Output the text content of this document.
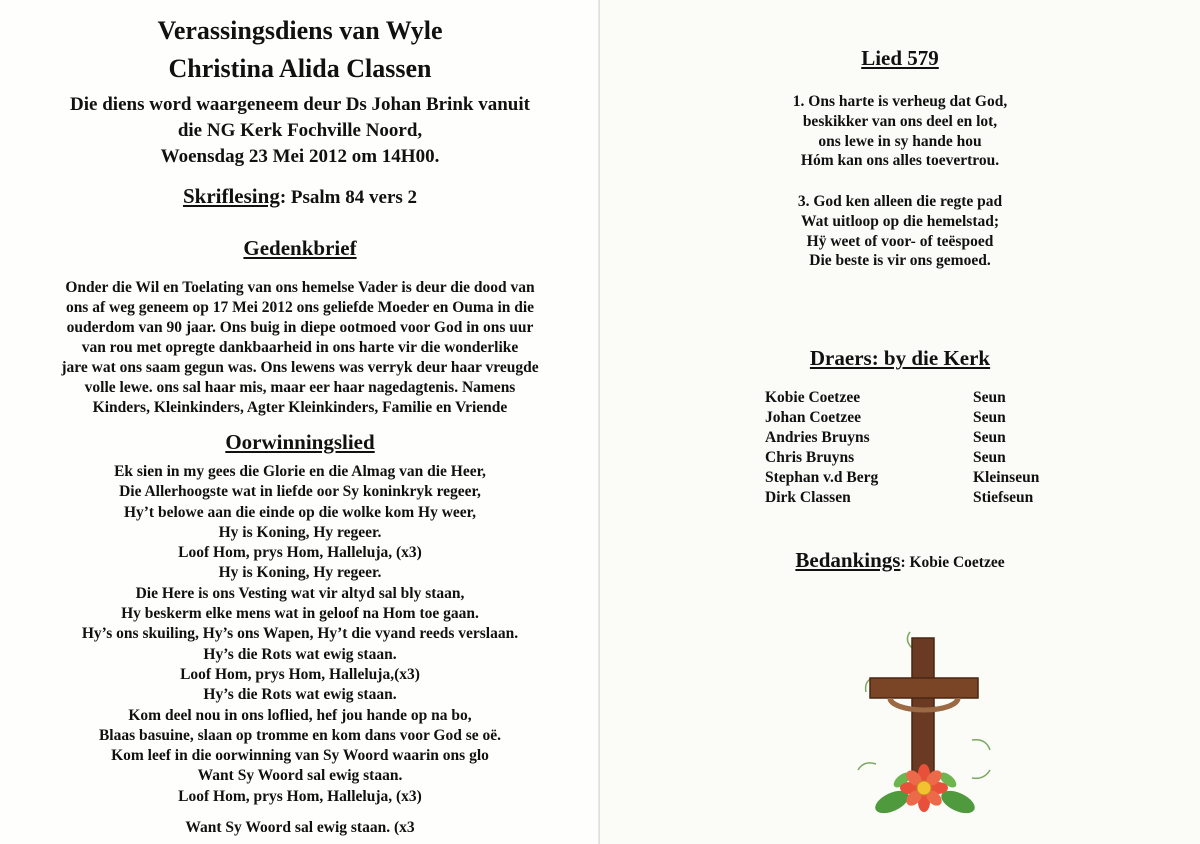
Verassingsdiens van Wyle
Christina Alida Classen
Die diens word waargeneem deur Ds Johan Brink vanuit
die NG Kerk Fochville Noord,
Woensdag 23 Mei 2012 om 14H00.
Skriflesing: Psalm 84 vers 2
Gedenkbrief
Onder die Wil en Toelating van ons hemelse Vader is deur die dood van
ons af weg geneem op 17 Mei 2012 ons geliefde Moeder en Ouma in die
ouderdom van 90 jaar. Ons buig in diepe ootmoed voor God in ons uur
van rou met opregte dankbaarheid in ons harte vir die wonderlike
jare wat ons saam gegun was. Ons lewens was verryk deur haar vreugde
volle lewe. ons sal haar mis, maar eer haar nagedagtenis. Namens
Kinders, Kleinkinders, Agter Kleinkinders, Familie en Vriende
Oorwinningslied
Ek sien in my gees die Glorie en die Almag van die Heer,
Die Allerhoogste wat in liefde oor Sy koninkryk regeer,
Hy’t belowe aan die einde op die wolke kom Hy weer,
Hy is Koning, Hy regeer.
Loof Hom, prys Hom, Halleluja, (x3)
Hy is Koning, Hy regeer.
Die Here is ons Vesting wat vir altyd sal bly staan,
Hy beskerm elke mens wat in geloof na Hom toe gaan.
Hy’s ons skuiling, Hy’s ons Wapen, Hy’t die vyand reeds verslaan.
Hy’s die Rots wat ewig staan.
Loof Hom, prys Hom, Halleluja,(x3)
Hy’s die Rots wat ewig staan.
Kom deel nou in ons loflied, hef jou hande op na bo,
Blaas basuine, slaan op tromme en kom dans voor God se oë.
Kom leef in die oorwinning van Sy Woord waarin ons glo
Want Sy Woord sal ewig staan.
Loof Hom, prys Hom, Halleluja, (x3)
Want Sy Woord sal ewig staan. (x3
Lied 579
1. Ons harte is verheug dat God,
beskikker van ons deel en lot,
ons lewe in sy hande hou
Hóm kan ons alles toevertrou.
3. God ken alleen die regte pad
Wat uitloop op die hemelstad;
Hÿ weet of voor- of teëspoed
Die beste is vir ons gemoed.
Draers: by die Kerk
Kobie Coetzee	Seun
Johan Coetzee	Seun
Andries Bruyns	Seun
Chris Bruyns	Seun
Stephan v.d Berg	Kleinseun
Dirk Classen	Stiefseun
Bedankings: Kobie Coetzee
